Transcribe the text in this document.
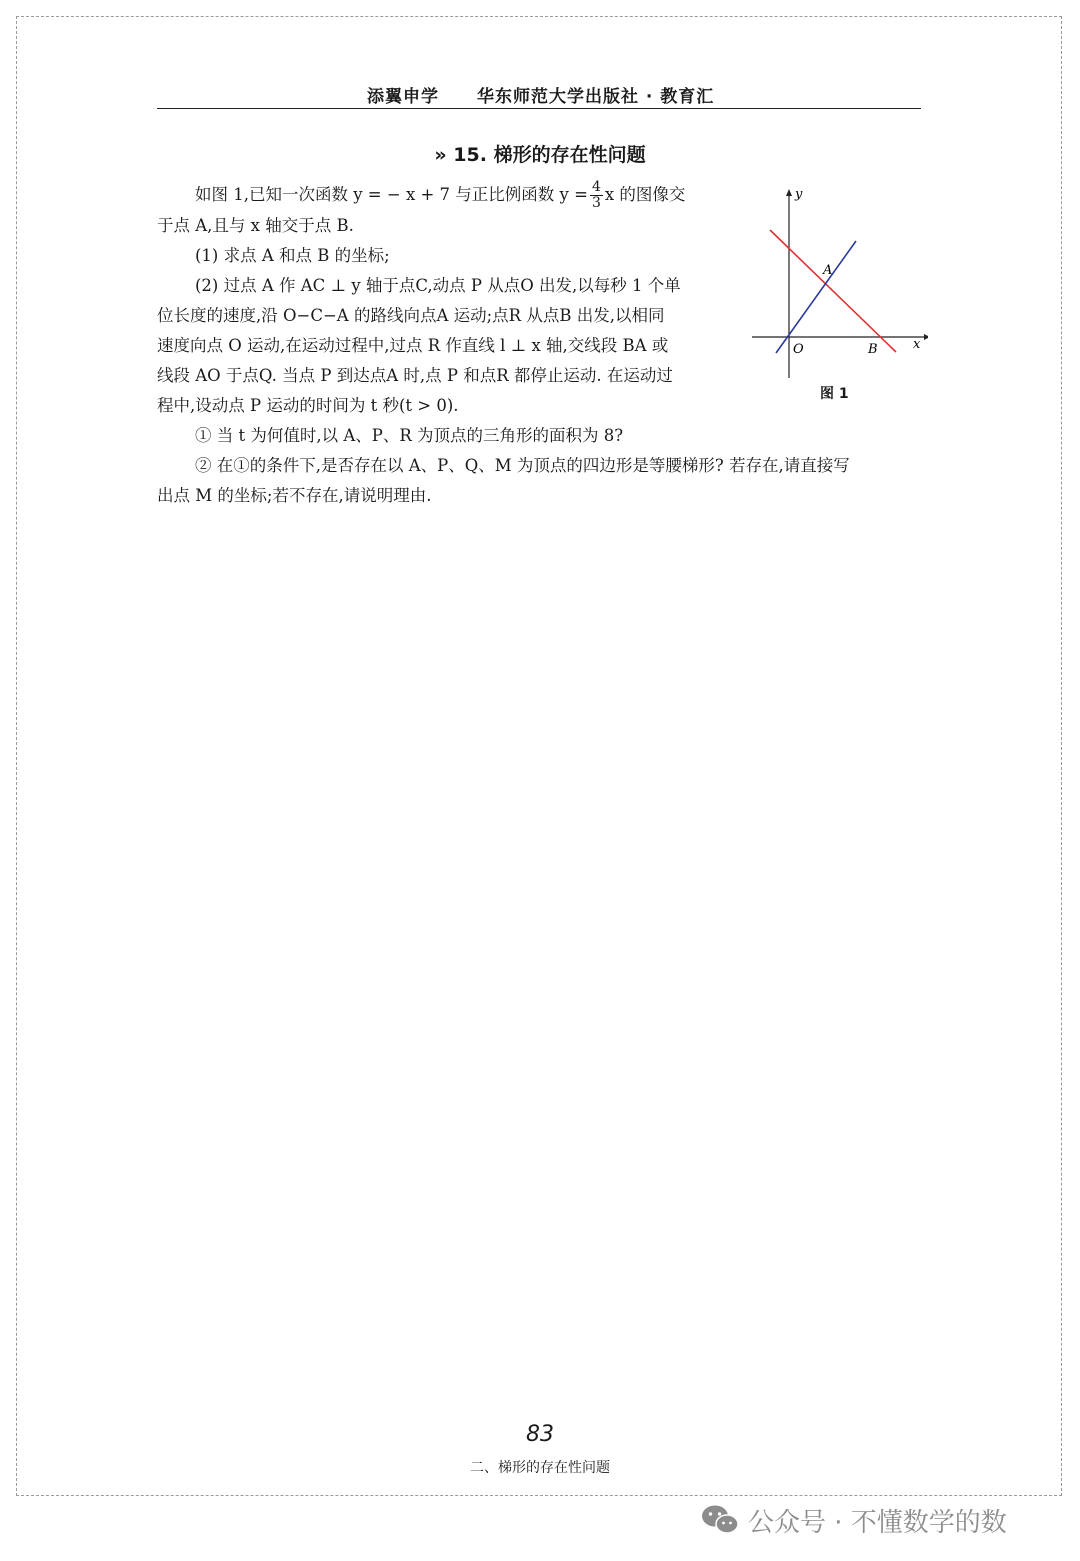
添翼申学 华东师范大学出版社 · 教育汇
» 15. 梯形的存在性问题
如图 1,已知一次函数 y = − x + 7 与正比例函数 $y = \frac{4}{3}$ x 的图像交
于点 A,且与 x 轴交于点 B.
(1) 求点 A 和点 B 的坐标;
(2) 过点 A 作 AC ⊥ y 轴于点C,动点 P 从点O 出发,以每秒 1 个单
位长度的速度,沿 O−C−A 的路线向点A 运动;点R 从点B 出发,以相同
速度向点 O 运动,在运动过程中,过点 R 作直线 l ⊥ x 轴,交线段 BA 或
线段 AO 于点Q. 当点 P 到达点A 时,点 P 和点R 都停止运动. 在运动过
程中,设动点 P 运动的时间为 t 秒(t > 0).
① 当 t 为何值时,以 A、P、R 为顶点的三角形的面积为 8?
② 在①的条件下,是否存在以 A、P、Q、M 为顶点的四边形是等腰梯形? 若存在,请直接写
出点 M 的坐标;若不存在,请说明理由.
y
x
O
A
B
图 1
83
二、梯形的存在性问题
公众号 · 不懂数学的数
